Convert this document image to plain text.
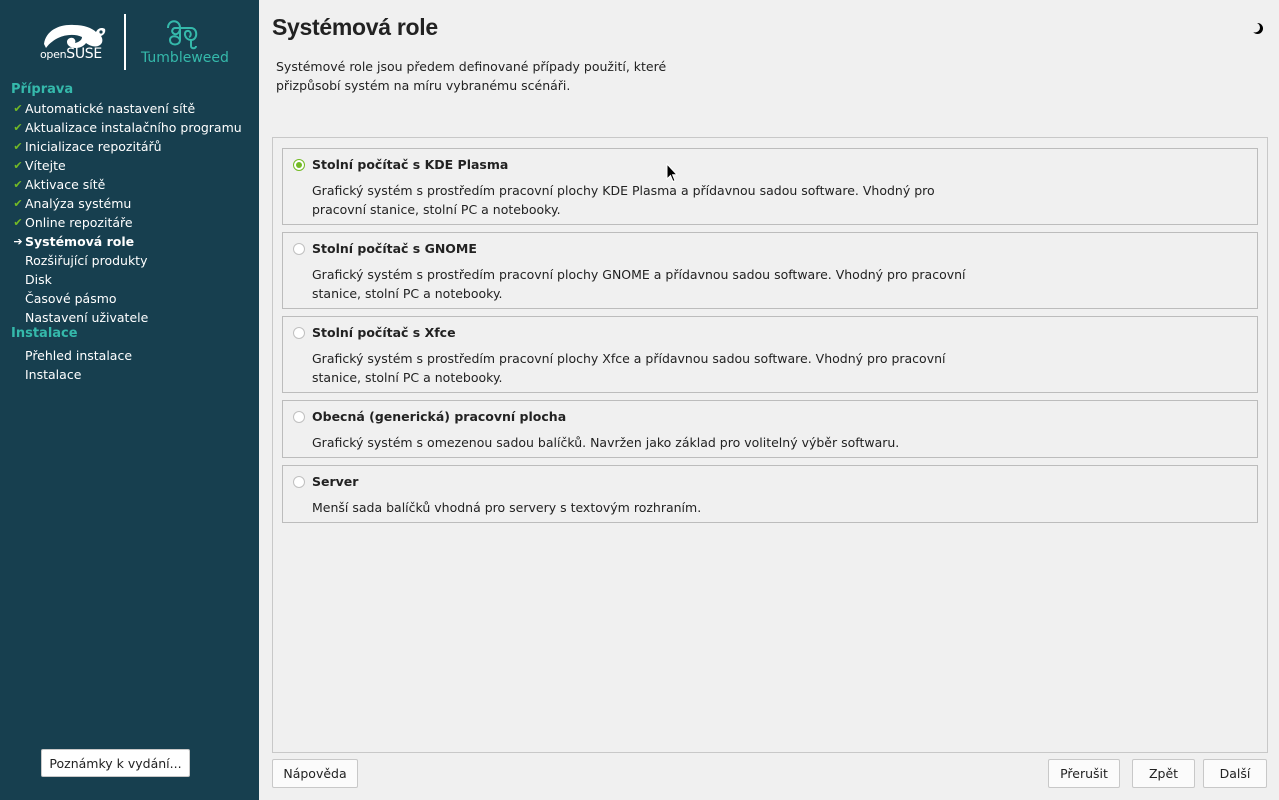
openSUSE	Tumbleweed
Příprava
Poznámky k vydání...
✔ Automatické nastavení sítě
✔ Aktualizace instalačního programu
✔ Inicializace repozitářů
✔ Vítejte
✔ Aktivace sítě
✔ Analýza systému
✔ Online repozitáře
➔ Systémová role
Rozšiřující produkty
Disk
Časové pásmo
Nastavení uživatele
Instalace
Přehled instalace
Instalace
Systémová role
Systémové role jsou předem definované případy použití, které
přizpůsobí systém na míru vybranému scénáři.
Stolní počítač s KDE Plasma
Grafický systém s prostředím pracovní plochy KDE Plasma a přídavnou sadou software. Vhodný pro pracovní stanice, stolní PC a notebooky.
Stolní počítač s GNOME
Grafický systém s prostředím pracovní plochy GNOME a přídavnou sadou software. Vhodný pro pracovní stanice, stolní PC a notebooky.
Stolní počítač s Xfce
Grafický systém s prostředím pracovní plochy Xfce a přídavnou sadou software. Vhodný pro pracovní stanice, stolní PC a notebooky.
Obecná (generická) pracovní plocha
Grafický systém s omezenou sadou balíčků. Navržen jako základ pro volitelný výběr softwaru.
Server
Menší sada balíčků vhodná pro servery s textovým rozhraním.
Nápověda	Přerušit	Zpět	Další
